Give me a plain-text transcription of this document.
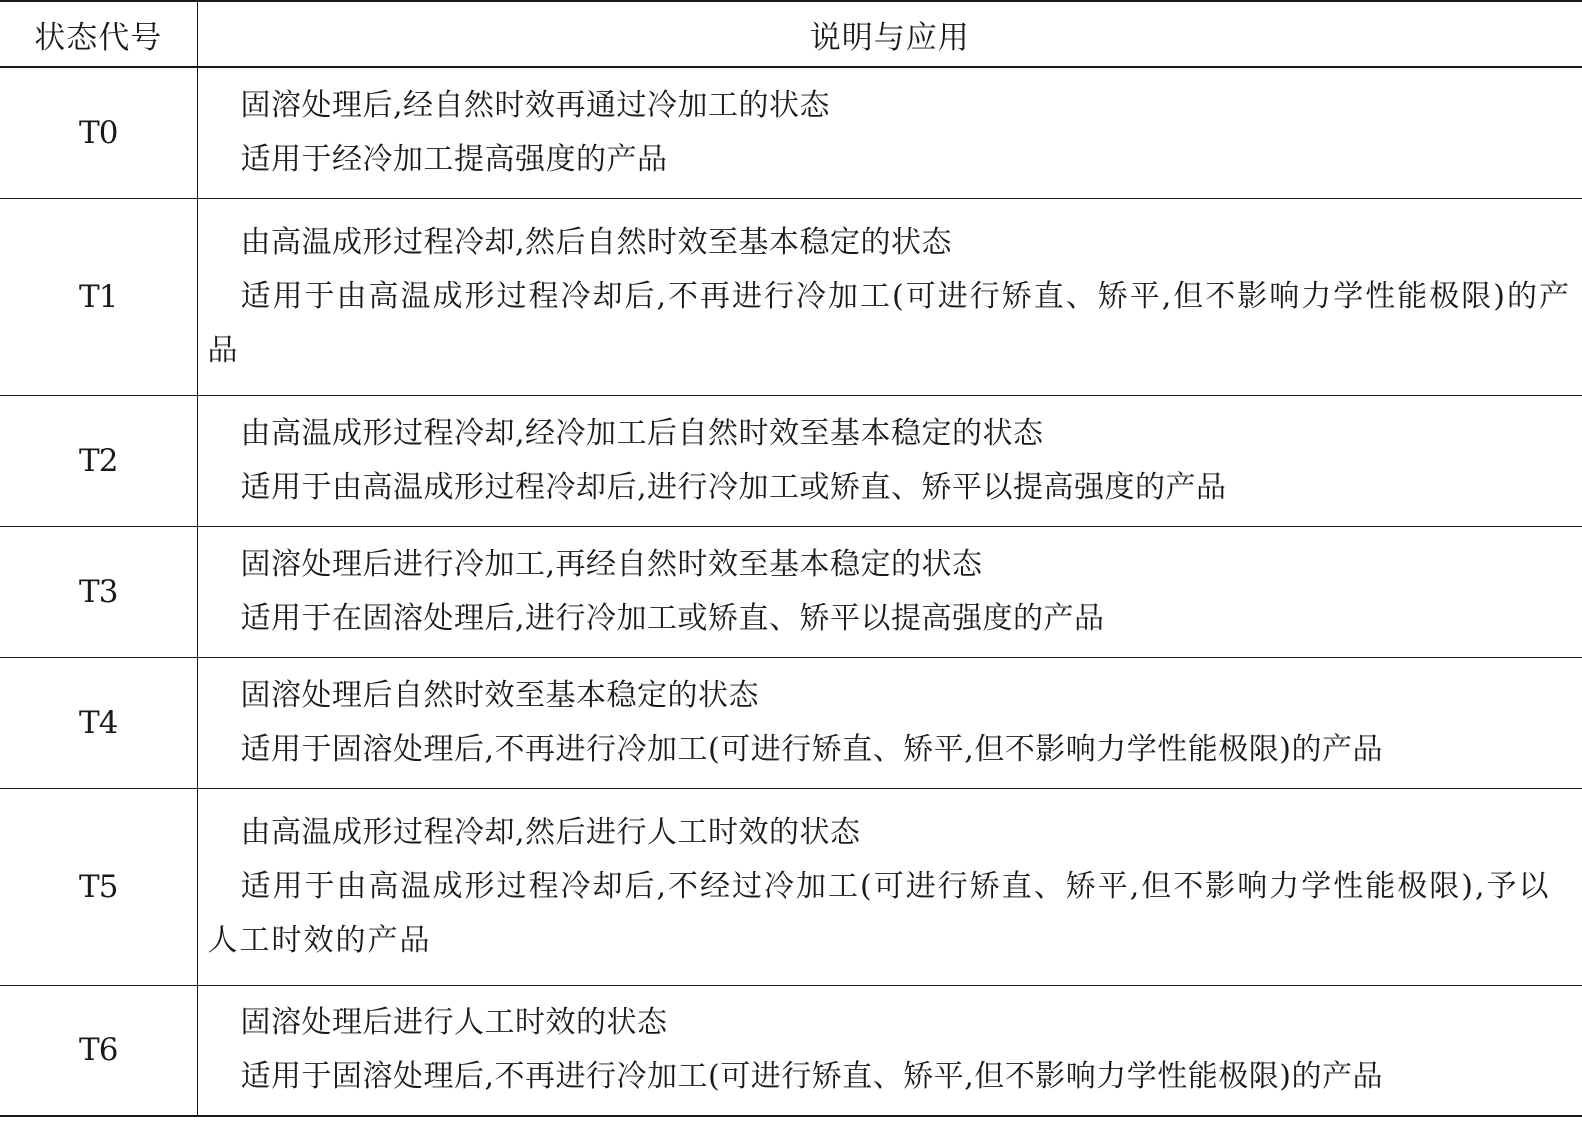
状态代号	说明与应用
T0	固溶处理后,经自然时效再通过冷加工的状态
适用于经冷加工提高强度的产品

T1	由高温成形过程冷却,然后自然时效至基本稳定的状态
适用于由高温成形过程冷却后,不再进行冷加工(可进行矫直、矫平,但不影响力学性能极限)的产品

T2	由高温成形过程冷却,经冷加工后自然时效至基本稳定的状态
适用于由高温成形过程冷却后,进行冷加工或矫直、矫平以提高强度的产品

T3	固溶处理后进行冷加工,再经自然时效至基本稳定的状态
适用于在固溶处理后,进行冷加工或矫直、矫平以提高强度的产品

T4	固溶处理后自然时效至基本稳定的状态
适用于固溶处理后,不再进行冷加工(可进行矫直、矫平,但不影响力学性能极限)的产品

T5	由高温成形过程冷却,然后进行人工时效的状态
适用于由高温成形过程冷却后,不经过冷加工(可进行矫直、矫平,但不影响力学性能极限),予以人工时效的产品

T6	固溶处理后进行人工时效的状态
适用于固溶处理后,不再进行冷加工(可进行矫直、矫平,但不影响力学性能极限)的产品
